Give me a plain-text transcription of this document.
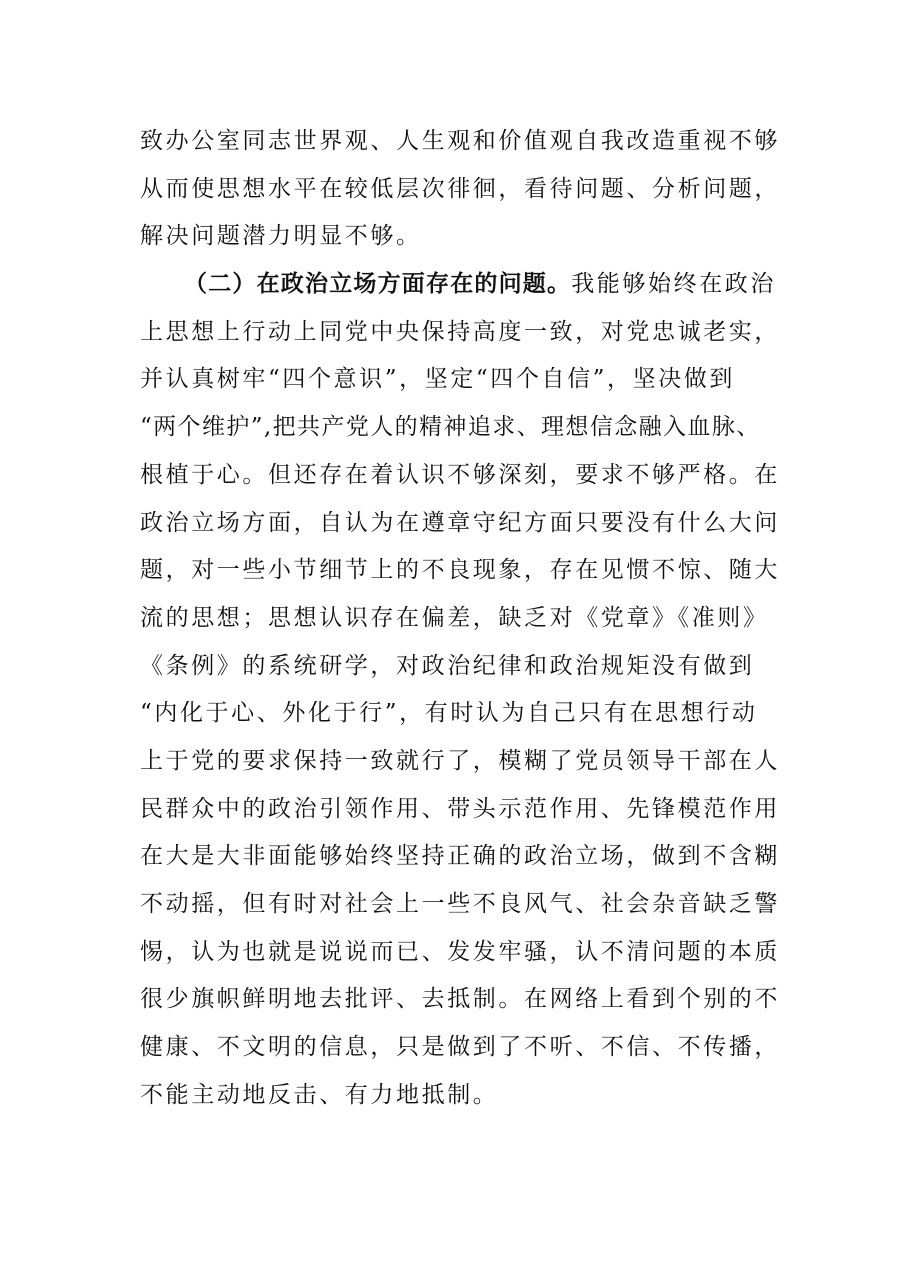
致办公室同志世界观、人生观和价值观自我改造重视不够
从而使思想水平在较低层次徘徊，看待问题、分析问题，
解决问题潜力明显不够。
（二）在政治立场方面存在的问题。我能够始终在政治
上思想上行动上同党中央保持高度一致，对党忠诚老实，
并认真树牢“四个意识”，坚定“四个自信”，坚决做到
“两个维护”,把共产党人的精神追求、理想信念融入血脉、
根植于心。但还存在着认识不够深刻，要求不够严格。在
政治立场方面，自认为在遵章守纪方面只要没有什么大问
题，对一些小节细节上的不良现象，存在见惯不惊、随大
流的思想；思想认识存在偏差，缺乏对《党章》《准则》
《条例》的系统研学，对政治纪律和政治规矩没有做到
“内化于心、外化于行”，有时认为自己只有在思想行动
上于党的要求保持一致就行了，模糊了党员领导干部在人
民群众中的政治引领作用、带头示范作用、先锋模范作用
在大是大非面能够始终坚持正确的政治立场，做到不含糊
不动摇，但有时对社会上一些不良风气、社会杂音缺乏警
惕，认为也就是说说而已、发发牢骚，认不清问题的本质
很少旗帜鲜明地去批评、去抵制。在网络上看到个别的不
健康、不文明的信息，只是做到了不听、不信、不传播，
不能主动地反击、有力地抵制。
